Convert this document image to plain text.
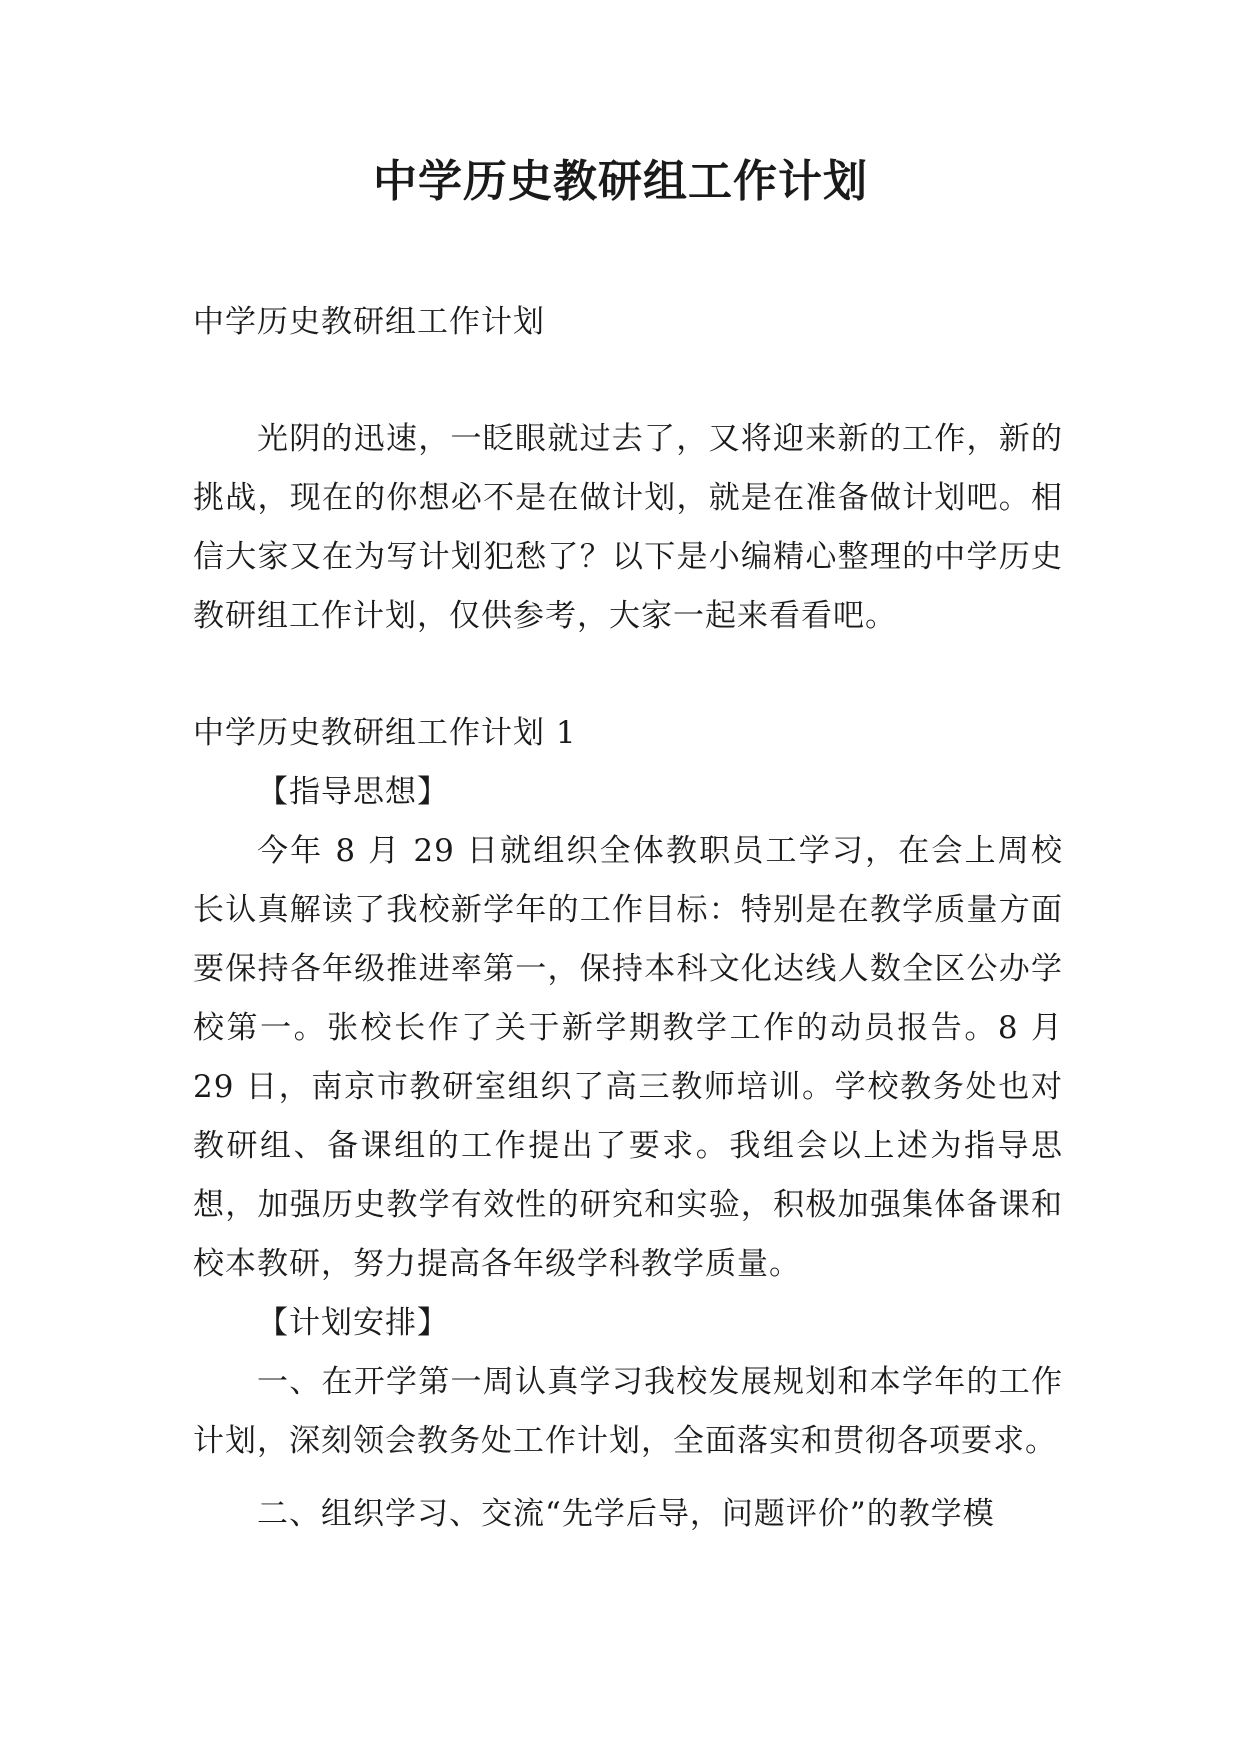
中学历史教研组工作计划

中学历史教研组工作计划

光阴的迅速，一眨眼就过去了，又将迎来新的工作，新的挑战，现在的你想必不是在做计划，就是在准备做计划吧。相信大家又在为写计划犯愁了？以下是小编精心整理的中学历史教研组工作计划，仅供参考，大家一起来看看吧。

中学历史教研组工作计划 1

【指导思想】

今年 8 月 29 日就组织全体教职员工学习，在会上周校长认真解读了我校新学年的工作目标：特别是在教学质量方面要保持各年级推进率第一，保持本科文化达线人数全区公办学校第一。张校长作了关于新学期教学工作的动员报告。8 月 29 日，南京市教研室组织了高三教师培训。学校教务处也对教研组、备课组的工作提出了要求。我组会以上述为指导思想，加强历史教学有效性的研究和实验，积极加强集体备课和校本教研，努力提高各年级学科教学质量。

【计划安排】

一、在开学第一周认真学习我校发展规划和本学年的工作计划，深刻领会教务处工作计划，全面落实和贯彻各项要求。

二、组织学习、交流“先学后导，问题评价”的教学模
